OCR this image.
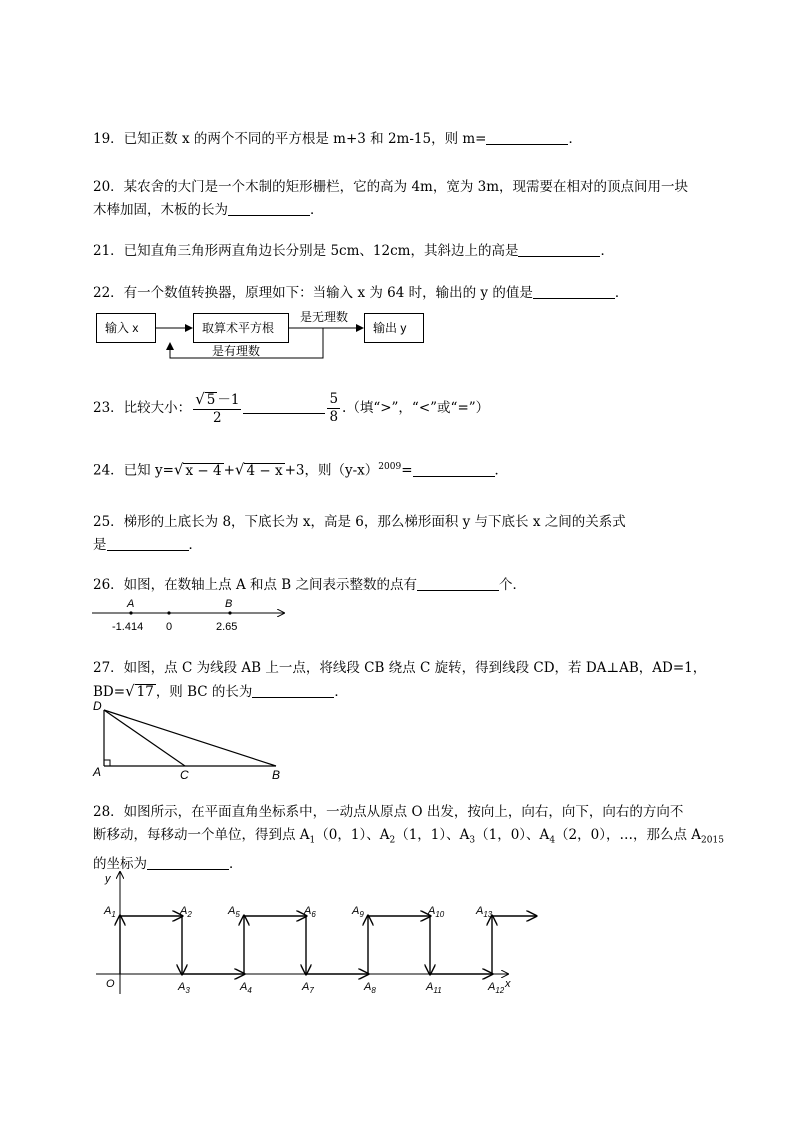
19．已知正数 x 的两个不同的平方根是 m+3 和 2m-15，则 m=	．
20．某农舍的大门是一个木制的矩形栅栏，它的高为 4m，宽为 3m，现需要在相对的顶点间用一块
木棒加固，木板的长为	．
21．已知直角三角形两直角边长分别是 5cm、12cm，其斜边上的高是	．
22．有一个数值转换器，原理如下：当输入 x 为 64 时，输出的 y 的值是	．
输入 x	取算术平方根	输出 y
是无理数
是有理数
23．比较大小： $\frac{√ 5 -1}{2}$	$\frac{5}{8}$ .（填“>”，“<”或“=”）
24．已知 y=√ x − 4 +√ 4 − x +3，则$(y-x)^{2009}=$	．
25．梯形的上底长为 8，下底长为 x，高是 6，那么梯形面积 y 与下底长 x 之间的关系式
是	．
26．如图，在数轴上点 A 和点 B 之间表示整数的点有	个．
A	B
-1.414 0	2.65
27．如图，点 C 为线段 AB 上一点，将线段 CB 绕点 C 旋转，得到线段 CD，若 DA⊥AB，AD=1，
BD=√ 17 ，则 BC 的长为	．
D
A	C	B
28．如图所示，在平面直角坐标系中，一动点从原点 O 出发，按向上，向右，向下，向右的方向不
断移动，每移动一个单位，得到点 $A_1(0$，1）、$A_2(1$，1）、$A_3(1$，0）、$A_4(2$，0），…，那么点 $A_{2015}$
的坐标为	．
y
x
O
$A_1$	$A_2$
$A_3$	$A_4$
$A_5$	$A_6$
$A_7$	$A_8$
$A_9$	$A_{10}$
$A_{11}$	$A_{12}$
$A_{13}$
